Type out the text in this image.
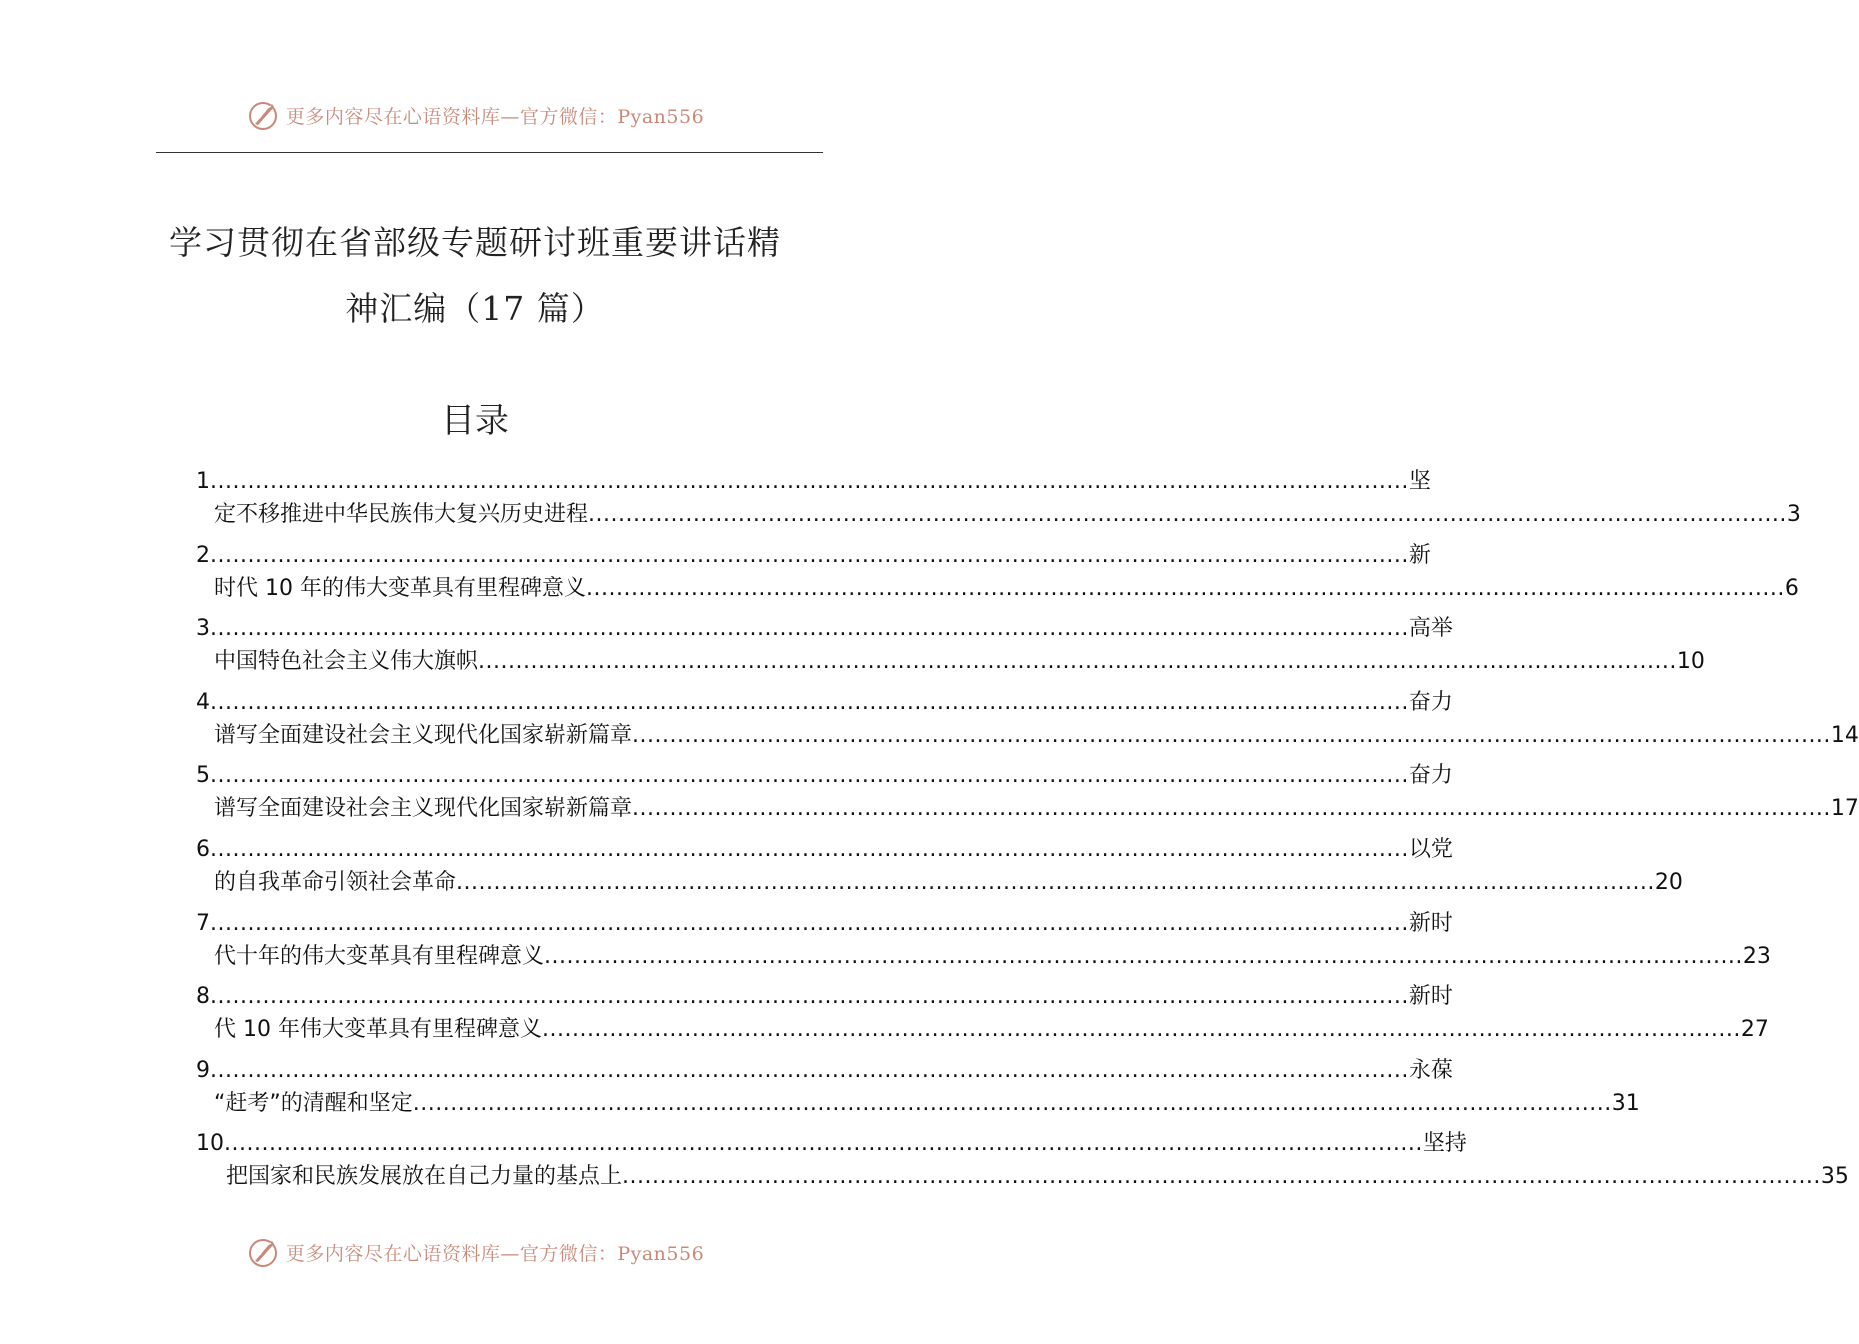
更多内容尽在心语资料库—官方微信：Pyan556
学习贯彻在省部级专题研讨班重要讲话精
神汇编（17 篇）
目录
1 ................................................................................................................................................................ 坚
定不移推进中华民族伟大复兴历史进程 ................................................................................................................................................................ 3
2 ................................................................................................................................................................ 新
时代 10 年的伟大变革具有里程碑意义 ................................................................................................................................................................ 6
3 ................................................................................................................................................................ 高举
中国特色社会主义伟大旗帜 ................................................................................................................................................................ 10
4 ................................................................................................................................................................ 奋力
谱写全面建设社会主义现代化国家崭新篇章 ................................................................................................................................................................ 14
5 ................................................................................................................................................................ 奋力
谱写全面建设社会主义现代化国家崭新篇章 ................................................................................................................................................................ 17
6 ................................................................................................................................................................ 以党
的自我革命引领社会革命 ................................................................................................................................................................ 20
7 ................................................................................................................................................................ 新时
代十年的伟大变革具有里程碑意义 ................................................................................................................................................................ 23
8 ................................................................................................................................................................ 新时
代 10 年伟大变革具有里程碑意义 ................................................................................................................................................................ 27
9 ................................................................................................................................................................ 永葆
“赶考”的清醒和坚定 ................................................................................................................................................................ 31
10 ................................................................................................................................................................ 坚持
把国家和民族发展放在自己力量的基点上 ................................................................................................................................................................ 35
更多内容尽在心语资料库—官方微信：Pyan556
